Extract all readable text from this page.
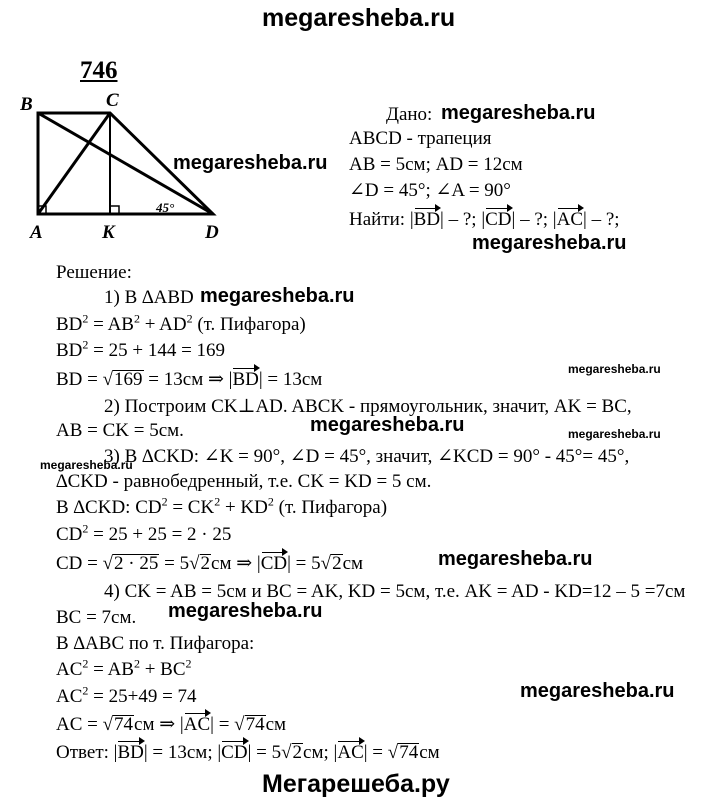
megaresheba.ru
746
B	C
A	K	D
45°
Дано: megaresheba.ru
ABCD - трапеция
AB = 5см; AD = 12см
megaresheba.ru
∠D = 45°; ∠A = 90°
Найти: |BD| – ?; |CD| – ?; |AC| – ?;
megaresheba.ru
Решение:
1) В ∆ABD megaresheba.ru
$BD^2 = AB^2 + AD^2$ (т. Пифагора)
$BD^2 = 25 + 144 = 169$
BD = √169 = 13см ⇒ |BD| = 13см	megaresheba.ru
2) Построим CK⊥AD. ABCK - прямоугольник, значит, AK = BC,
AB = CK = 5см.	megaresheba.ru	megaresheba.ru
megaresheba.ru
3) В ∆CKD: ∠K = 90°, ∠D = 45°, значит, ∠KCD = 90° - 45°= 45°,
∆CKD - равнобедренный, т.е. CK = KD = 5 см.
В ∆CKD: $CD^2 = CK^2 + KD^2$ (т. Пифагора)
$CD^2 = 25 + 25 = 2 \cdot 25$
CD = √2 · 25 = 5√2см ⇒ |CD| = 5√2см	megaresheba.ru
4) CK = AB = 5см и BC = AK, KD = 5см, т.е. AK = AD - KD=12 – 5 =7см
BC = 7см. megaresheba.ru
В ∆ABC по т. Пифагора:
$AC^2 = AB^2 + BC^2$
$AC^2 = 25+49 = 74$	megaresheba.ru
AC = √74см ⇒ |AC| = √74см
Ответ: |BD| = 13см; |CD| = 5√2см; |AC| = √74см
Мегарешеба.ру
